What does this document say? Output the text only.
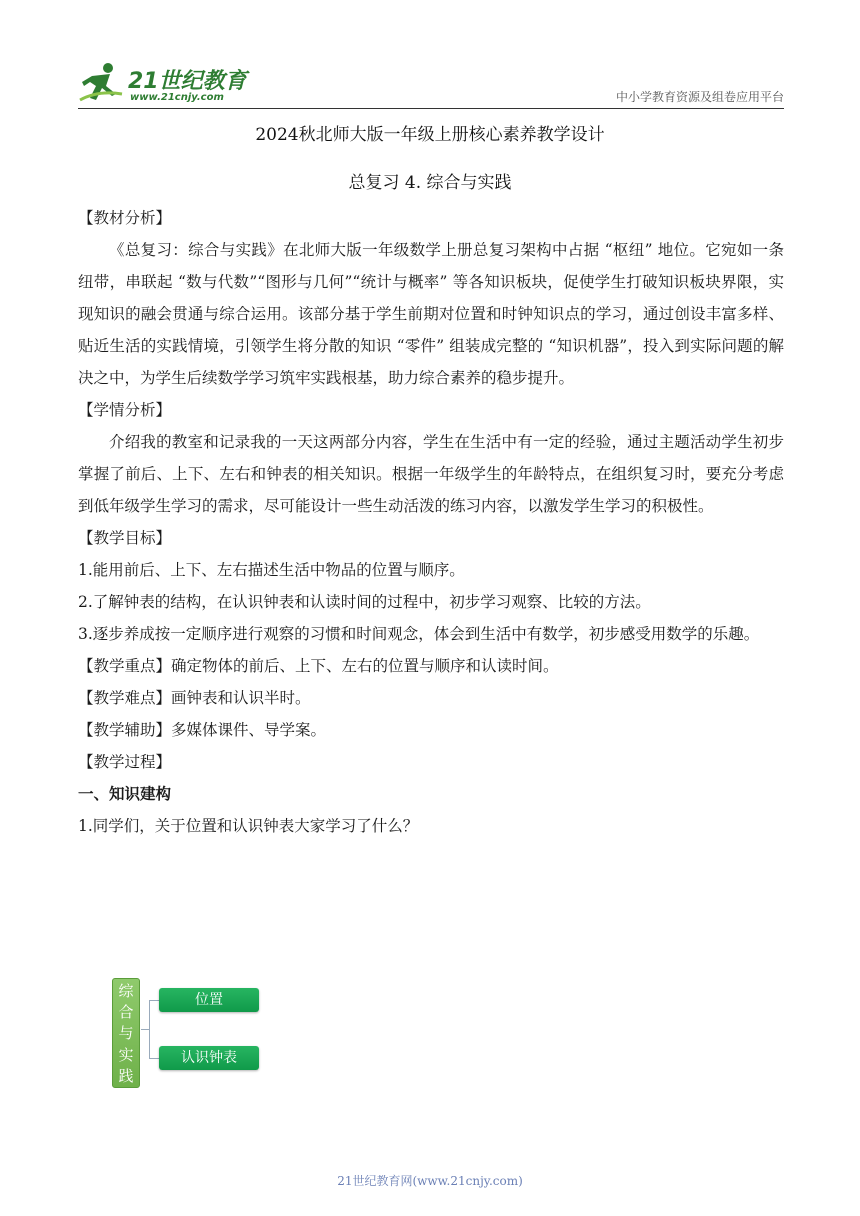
21世纪教育
www.21cnjy.com	中小学教育资源及组卷应用平台
2024秋北师大版一年级上册核心素养教学设计
总复习 4. 综合与实践

【教材分析】

《总复习：综合与实践》在北师大版一年级数学上册总复习架构中占据 “枢纽” 地位。它宛如一条纽带，串联起 “数与代数”“图形与几何”“统计与概率” 等各知识板块，促使学生打破知识板块界限，实现知识的融会贯通与综合运用。该部分基于学生前期对位置和时钟知识点的学习，通过创设丰富多样、贴近生活的实践情境，引领学生将分散的知识 “零件” 组装成完整的 “知识机器”，投入到实际问题的解决之中，为学生后续数学学习筑牢实践根基，助力综合素养的稳步提升。

【学情分析】

介绍我的教室和记录我的一天这两部分内容，学生在生活中有一定的经验，通过主题活动学生初步掌握了前后、上下、左右和钟表的相关知识。根据一年级学生的年龄特点，在组织复习时，要充分考虑到低年级学生学习的需求，尽可能设计一些生动活泼的练习内容，以激发学生学习的积极性。

【教学目标】

1.能用前后、上下、左右描述生活中物品的位置与顺序。

2.了解钟表的结构，在认识钟表和认读时间的过程中，初步学习观察、比较的方法。

3.逐步养成按一定顺序进行观察的习惯和时间观念，体会到生活中有数学，初步感受用数学的乐趣。

【教学重点】确定物体的前后、上下、左右的位置与顺序和认读时间。

【教学难点】画钟表和认识半时。

【教学辅助】多媒体课件、导学案。

【教学过程】

一、知识建构

1.同学们，关于位置和认识钟表大家学习了什么？

综
合
与
实
践
位置
认识钟表
21世纪教育网(www.21cnjy.com)
